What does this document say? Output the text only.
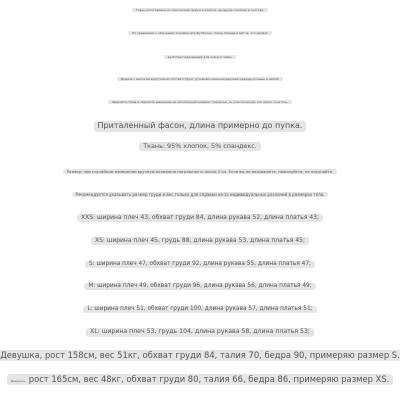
Ткань изготовлена из эластичной пряжи и хлопка, на ощупь плотная и толстая.
По сравнению с обычными тканями для футболок, ткань темнее и мягче, что делает
ее более подходящей для осени и зимы.
Модель с высоким воротником соответствует условиям ношения верхней одежды осенью и зимой.
Закройте глаза и обратите внимание на нетипичный элемент плечиков: он классический, его легко сочетать.
Приталенный фасон, длина примерно до пупка.
Ткань: 95% хлопок, 5% спандекс.
Размер: при случайном измерении вручную возможна погрешность около 2 см. Если вы не возражаете, пожалуйста, не покупайте.
Рекомендуется указывать размер груди и вес только для справки из-за индивидуальных различий в размерах тела.
XXS: ширина плеч 43, обхват груди 84, длина рукава 52, длина платья 43;
XS: ширина плеч 45, грудь 88, длина рукава 53, длина платья 45;
S: ширина плеч 47, обхват груди 92, длина рукава 55, длина платья 47;
M: ширина плеч 49, обхват груди 96, длина рукава 56, длина платья 49;
L: ширина плеч 51, обхват груди 100, длина рукава 57, длина платья 51;
XL: ширина плеч 53, грудь 104, длина рукава 58, длина платья 53;
Девушка, рост 158см, вес 51кг, обхват груди 84, талия 70, бедра 90, примеряю размер S.
Девушка, рост 165см, вес 48кг, обхват груди 80, талия 66, бедра 86, примеряю размер XS.
